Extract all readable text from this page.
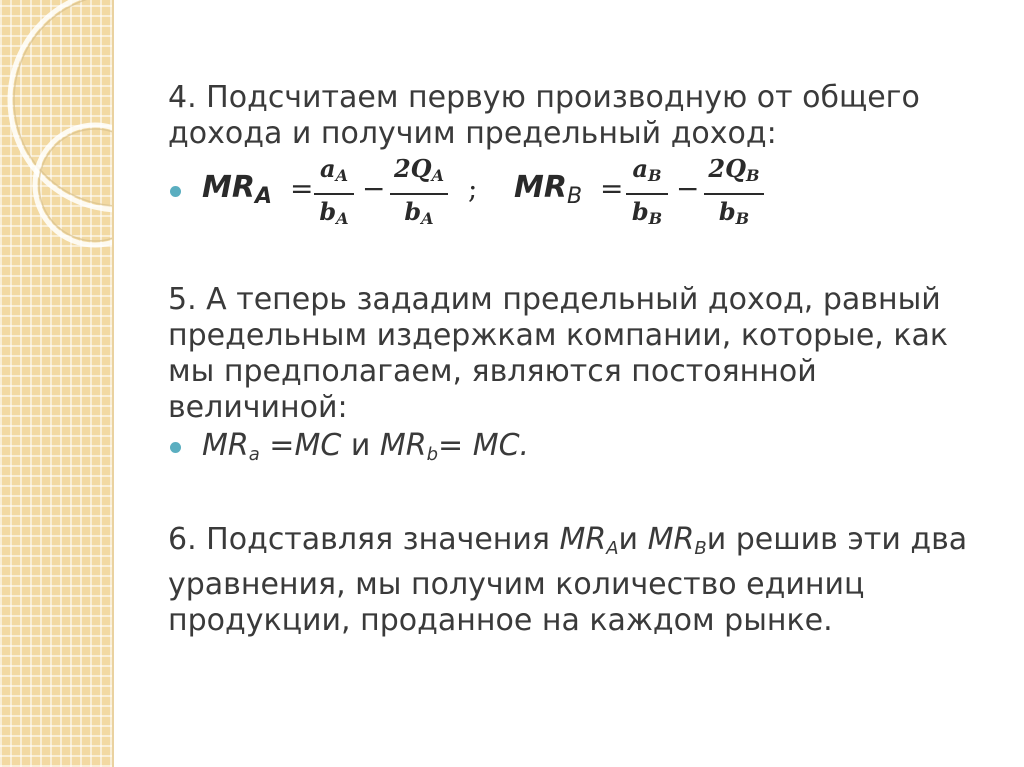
4. Подсчитаем первую производную от общего дохода и получим предельный доход:

$MR_A$ =
$a_A$
$b_A$
−
$2Q_A$
$b_A$
; $MR_B$ =
$a_B$
$b_B$
−
$2Q_B$
$b_B$

5. А теперь зададим предельный доход, равный предельным издержкам компании, которые, как мы предполагаем, являются постоянной величиной:

$MR_a =MC$ и $MR_b=$ MC.

6. Подставляя значения $MR_Aи$ $MR_Bи$ решив эти два уравнения, мы получим количество единиц продукции, проданное на каждом рынке.
